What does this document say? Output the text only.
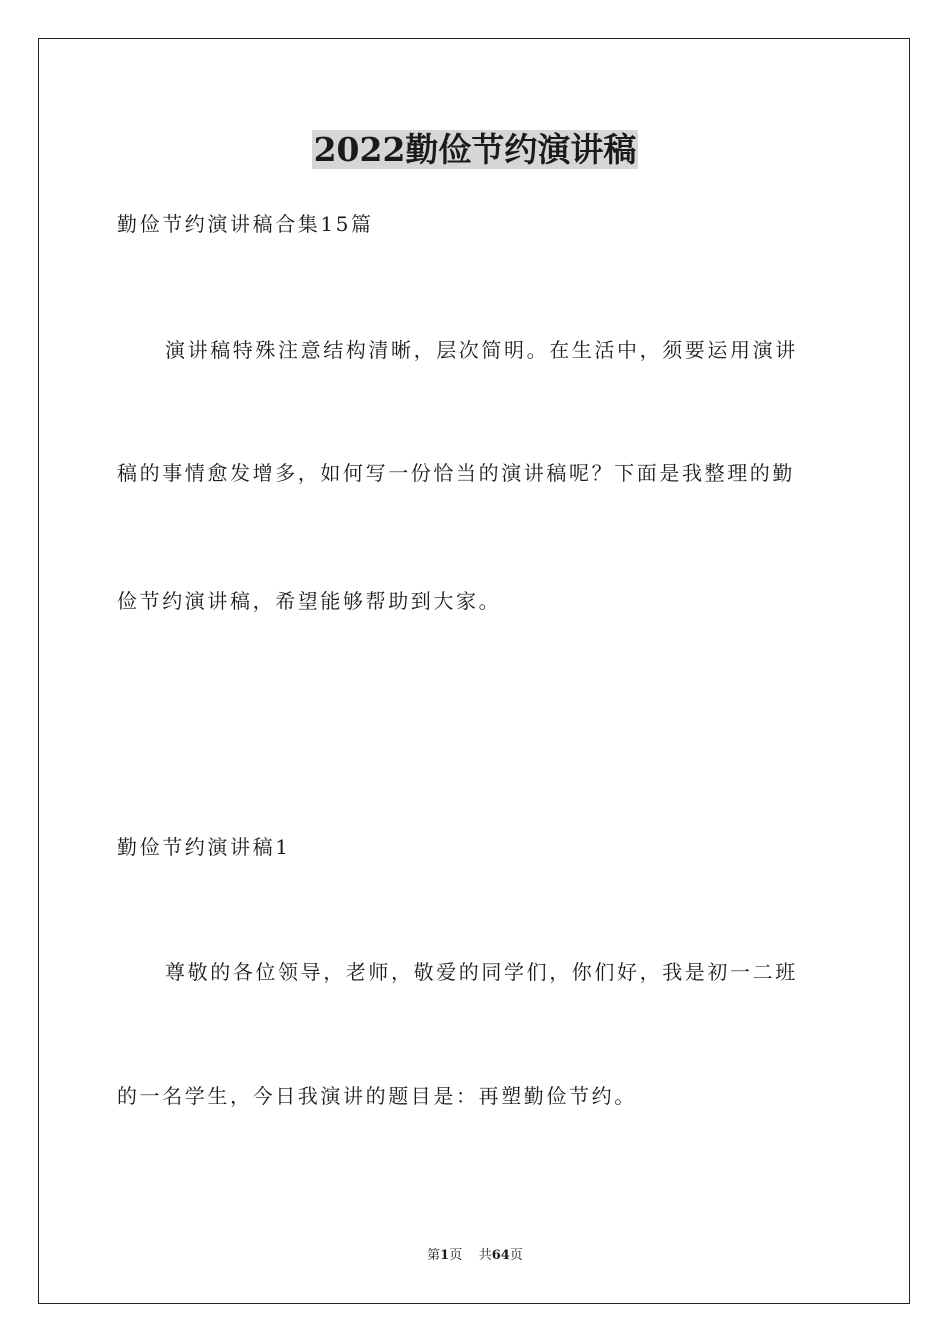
2022勤俭节约演讲稿
勤俭节约演讲稿合集15篇
演讲稿特殊注意结构清晰，层次简明。在生活中，须要运用演讲
稿的事情愈发增多，如何写一份恰当的演讲稿呢？下面是我整理的勤
俭节约演讲稿，希望能够帮助到大家。
勤俭节约演讲稿1
尊敬的各位领导，老师，敬爱的同学们，你们好，我是初一二班
的一名学生，今日我演讲的题目是：再塑勤俭节约。
第1页 共64页
